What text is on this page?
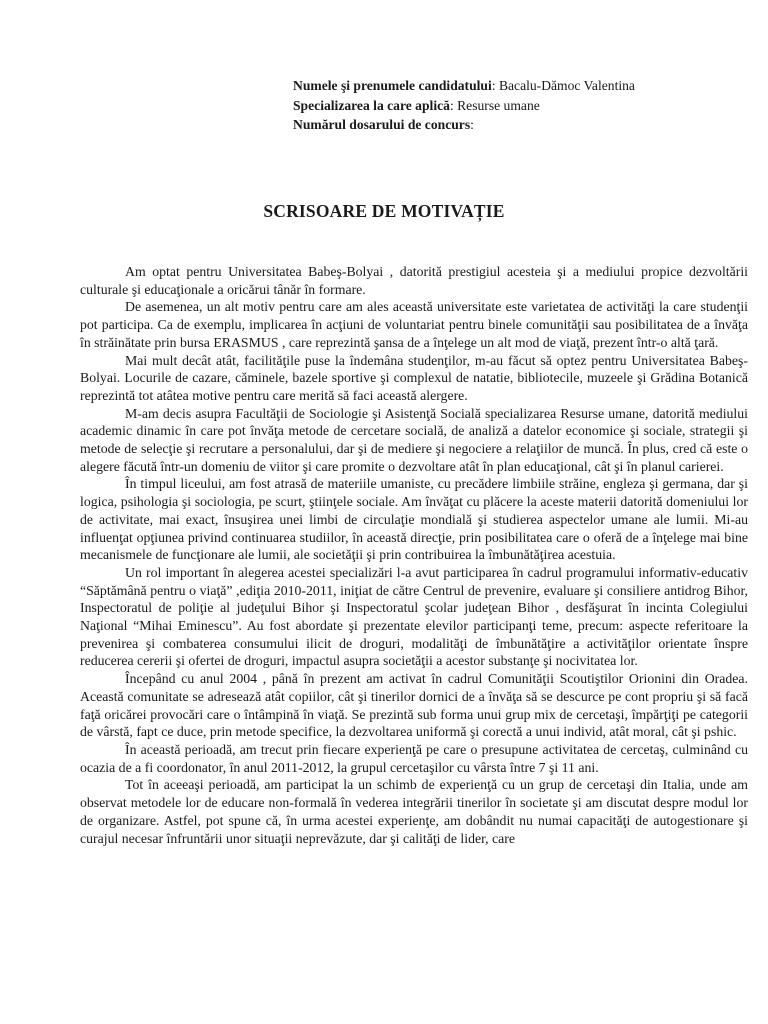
Numele şi prenumele candidatului: Bacalu-Dămoc Valentina
Specializarea la care aplică: Resurse umane
Numărul dosarului de concurs:
SCRISOARE DE MOTIVAȚIE

Am optat pentru Universitatea Babeş-Bolyai , datorită prestigiul acesteia şi a mediului propice dezvoltării culturale şi educaţionale a oricărui tânăr în formare.

De asemenea, un alt motiv pentru care am ales această universitate este varietatea de activităţi la care studenţii pot participa. Ca de exemplu, implicarea în acţiuni de voluntariat pentru binele comunităţii sau posibilitatea de a învăţa în străinătate prin bursa ERASMUS , care reprezintă şansa de a înţelege un alt mod de viaţă, prezent într-o altă ţară.

Mai mult decât atât, facilităţile puse la îndemâna studenţilor, m-au făcut să optez pentru Universitatea Babeş-Bolyai. Locurile de cazare, căminele, bazele sportive şi complexul de natatie, bibliotecile, muzeele şi Grădina Botanică reprezintă tot atâtea motive pentru care merită să faci această alergere.

M-am decis asupra Facultăţii de Sociologie şi Asistenţă Socială specializarea Resurse umane, datorită mediului academic dinamic în care pot învăţa metode de cercetare socială, de analiză a datelor economice şi sociale, strategii şi metode de selecţie şi recrutare a personalului, dar şi de mediere şi negociere a relaţiilor de muncă. În plus, cred că este o alegere făcută într-un domeniu de viitor şi care promite o dezvoltare atât în plan educaţional, cât şi în planul carierei.

În timpul liceului, am fost atrasă de materiile umaniste, cu precădere limbiile străine, engleza şi germana, dar şi logica, psihologia şi sociologia, pe scurt, ştiinţele sociale. Am învăţat cu plăcere la aceste materii datorită domeniului lor de activitate, mai exact, însuşirea unei limbi de circulaţie mondială şi studierea aspectelor umane ale lumii. Mi-au influenţat opţiunea privind continuarea studiilor, în această direcţie, prin posibilitatea care o oferă de a înţelege mai bine mecanismele de funcţionare ale lumii, ale societăţii şi prin contribuirea la îmbunătăţirea acestuia.

Un rol important în alegerea acestei specializări l-a avut participarea în cadrul programului informativ-educativ “Săptămână pentru o viaţă” ,ediţia 2010-2011, iniţiat de către Centrul de prevenire, evaluare şi consiliere antidrog Bihor, Inspectoratul de poliţie al judeţului Bihor şi Inspectoratul şcolar judeţean Bihor , desfăşurat în incinta Colegiului Naţional “Mihai Eminescu”. Au fost abordate şi prezentate elevilor participanţi teme, precum: aspecte referitoare la prevenirea şi combaterea consumului ilicit de droguri, modalităţi de îmbunătăţire a activităţilor orientate înspre reducerea cererii şi ofertei de droguri, impactul asupra societăţii a acestor substanţe şi nocivitatea lor.

Începând cu anul 2004 , până în prezent am activat în cadrul Comunităţii Scoutiştilor Orionini din Oradea. Această comunitate se adresează atât copiilor, cât şi tinerilor dornici de a învăţa să se descurce pe cont propriu şi să facă faţă oricărei provocări care o întâmpină în viaţă. Se prezintă sub forma unui grup mix de cercetaşi, împărţiţi pe categorii de vârstă, fapt ce duce, prin metode specifice, la dezvoltarea uniformă şi corectă a unui individ, atât moral, cât şi pshic.

În această perioadă, am trecut prin fiecare experienţă pe care o presupune activitatea de cercetaş, culminând cu ocazia de a fi coordonator, în anul 2011-2012, la grupul cercetaşilor cu vârsta între 7 şi 11 ani.

Tot în aceeaşi perioadă, am participat la un schimb de experienţă cu un grup de cercetaşi din Italia, unde am observat metodele lor de educare non-formală în vederea integrării tinerilor în societate şi am discutat despre modul lor de organizare. Astfel, pot spune că, în urma acestei experienţe, am dobândit nu numai capacităţi de autogestionare şi curajul necesar înfruntării unor situaţii neprevăzute, dar şi calităţi de lider, care
